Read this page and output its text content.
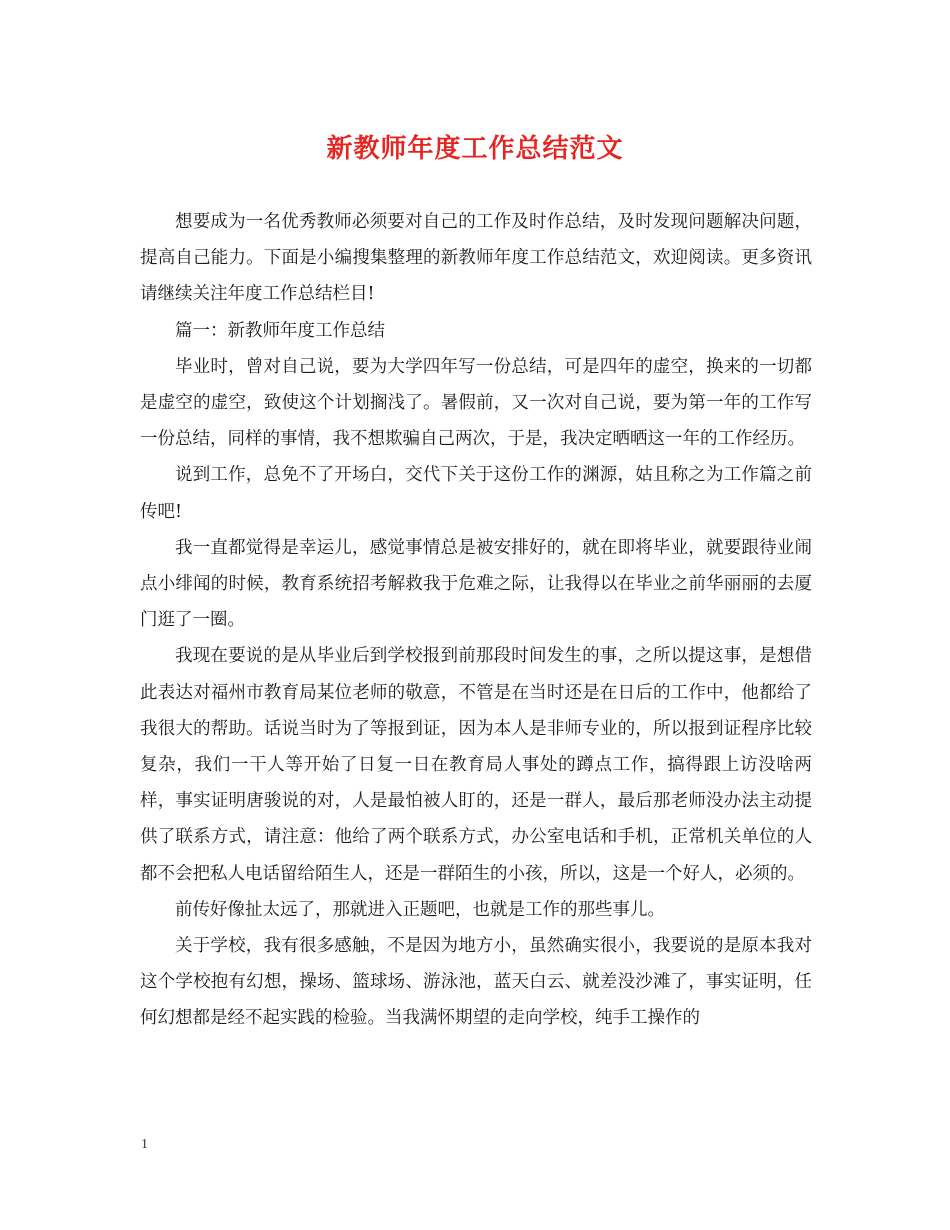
新教师年度工作总结范文

想要成为一名优秀教师必须要对自己的工作及时作总结，及时发现问题解决问题，提高自己能力。下面是小编搜集整理的新教师年度工作总结范文，欢迎阅读。更多资讯请继续关注年度工作总结栏目!

篇一：新教师年度工作总结

毕业时，曾对自己说，要为大学四年写一份总结，可是四年的虚空，换来的一切都是虚空的虚空，致使这个计划搁浅了。暑假前，又一次对自己说，要为第一年的工作写一份总结，同样的事情，我不想欺骗自己两次，于是，我决定晒晒这一年的工作经历。

说到工作，总免不了开场白，交代下关于这份工作的渊源，姑且称之为工作篇之前传吧!

我一直都觉得是幸运儿，感觉事情总是被安排好的，就在即将毕业，就要跟待业闹点小绯闻的时候，教育系统招考解救我于危难之际，让我得以在毕业之前华丽丽的去厦门逛了一圈。

我现在要说的是从毕业后到学校报到前那段时间发生的事，之所以提这事，是想借此表达对福州市教育局某位老师的敬意，不管是在当时还是在日后的工作中，他都给了我很大的帮助。话说当时为了等报到证，因为本人是非师专业的，所以报到证程序比较复杂，我们一干人等开始了日复一日在教育局人事处的蹲点工作，搞得跟上访没啥两样，事实证明唐骏说的对，人是最怕被人盯的，还是一群人，最后那老师没办法主动提供了联系方式，请注意：他给了两个联系方式，办公室电话和手机，正常机关单位的人都不会把私人电话留给陌生人，还是一群陌生的小孩，所以，这是一个好人，必须的。

前传好像扯太远了，那就进入正题吧，也就是工作的那些事儿。

关于学校，我有很多感触，不是因为地方小，虽然确实很小，我要说的是原本我对这个学校抱有幻想，操场、篮球场、游泳池，蓝天白云、就差没沙滩了，事实证明，任何幻想都是经不起实践的检验。当我满怀期望的走向学校，纯手工操作的

1
